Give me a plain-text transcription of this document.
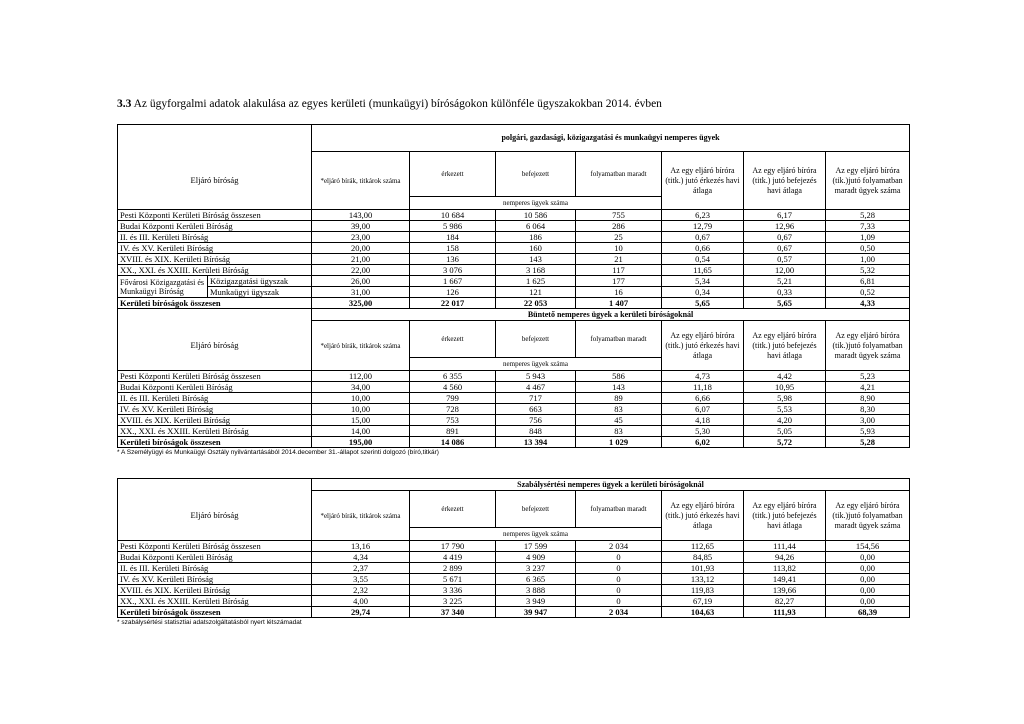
3.3 Az ügyforgalmi adatok alakulása az egyes kerületi (munkaügyi) bíróságokon különféle ügyszakokban 2014. évben
		polgári, gazdasági, közigazgatási és munkaügyi nemperes ügyek						
Eljáró bíróság		*eljáró bírák, titkárok száma	érkezett	befejezett	folyamatban maradt	Az egy eljáró bíróra (titk.) jutó érkezés havi átlaga	Az egy eljáró bíróra (titk.) jutó befejezés havi átlaga	Az egy eljáró bíróra (tik.)jutó folyamatban maradt ügyek száma
			nemperes ügyek száma					
Pesti Központi Kerületi Bíróság összesen		143,00	10 684	10 586	755	6,23	6,17	5,28
Budai Központi Kerületi Bíróság		39,00	5 986	6 064	286	12,79	12,96	7,33
II. és III. Kerületi Bíróság		23,00	184	186	25	0,67	0,67	1,09
IV. és XV. Kerületi Bíróság		20,00	158	160	10	0,66	0,67	0,50
XVIII. és XIX. Kerületi Bíróság		21,00	136	143	21	0,54	0,57	1,00
XX., XXI. és XXIII. Kerületi Bíróság		22,00	3 076	3 168	117	11,65	12,00	5,32
Fővárosi Közigazgatási és Munkaügyi Bíróság	Közigazgatási ügyszak	26,00	1 667	1 625	177	5,34	5,21	6,81
	Munkaügyi ügyszak	31,00	126	121	16	0,34	0,33	0,52
Kerületi bíróságok összesen		325,00	22 017	22 053	1 407	5,65	5,65	4,33
		Büntető nemperes ügyek a kerületi bíróságoknál						
Eljáró bíróság		*eljáró bírák, titkárok száma	érkezett	befejezett	folyamatban maradt	Az egy eljáró bíróra (titk.) jutó érkezés havi átlaga	Az egy eljáró bíróra (titk.) jutó befejezés havi átlaga	Az egy eljáró bíróra (tik.)jutó folyamatban maradt ügyek száma
			nemperes ügyek száma					
Pesti Központi Kerületi Bíróság összesen		112,00	6 355	5 943	586	4,73	4,42	5,23
Budai Központi Kerületi Bíróság		34,00	4 560	4 467	143	11,18	10,95	4,21
II. és III. Kerületi Bíróság		10,00	799	717	89	6,66	5,98	8,90
IV. és XV. Kerületi Bíróság		10,00	728	663	83	6,07	5,53	8,30
XVIII. és XIX. Kerületi Bíróság		15,00	753	756	45	4,18	4,20	3,00
XX., XXI. és XXIII. Kerületi Bíróság		14,00	891	848	83	5,30	5,05	5,93
Kerületi bíróságok összesen		195,00	14 086	13 394	1 029	6,02	5,72	5,28
* A Személyügyi és Munkaügyi Osztály nyilvántartásából 2014.december 31.-állapot szerinti dolgozó (bíró,titkár)
	Szabálysértési nemperes ügyek a kerületi bíróságoknál						
Eljáró bíróság	*eljáró bírák, titkárok száma	érkezett	befejezett	folyamatban maradt	Az egy eljáró bíróra (titk.) jutó érkezés havi átlaga	Az egy eljáró bíróra (titk.) jutó befejezés havi átlaga	Az egy eljáró bíróra (tik.)jutó folyamatban maradt ügyek száma
		nemperes ügyek száma					
Pesti Központi Kerületi Bíróság összesen	13,16	17 790	17 599	2 034	112,65	111,44	154,56
Budai Központi Kerületi Bíróság	4,34	4 419	4 909	0	84,85	94,26	0,00
II. és III. Kerületi Bíróság	2,37	2 899	3 237	0	101,93	113,82	0,00
IV. és XV. Kerületi Bíróság	3,55	5 671	6 365	0	133,12	149,41	0,00
XVIII. és XIX. Kerületi Bíróság	2,32	3 336	3 888	0	119,83	139,66	0,00
XX., XXI. és XXIII. Kerületi Bíróság	4,00	3 225	3 949	0	67,19	82,27	0,00
Kerületi bíróságok összesen	29,74	37 340	39 947	2 034	104,63	111,93	68,39
* szabálysértési statisztiai adatszolgáltatásból nyert létszámadat
